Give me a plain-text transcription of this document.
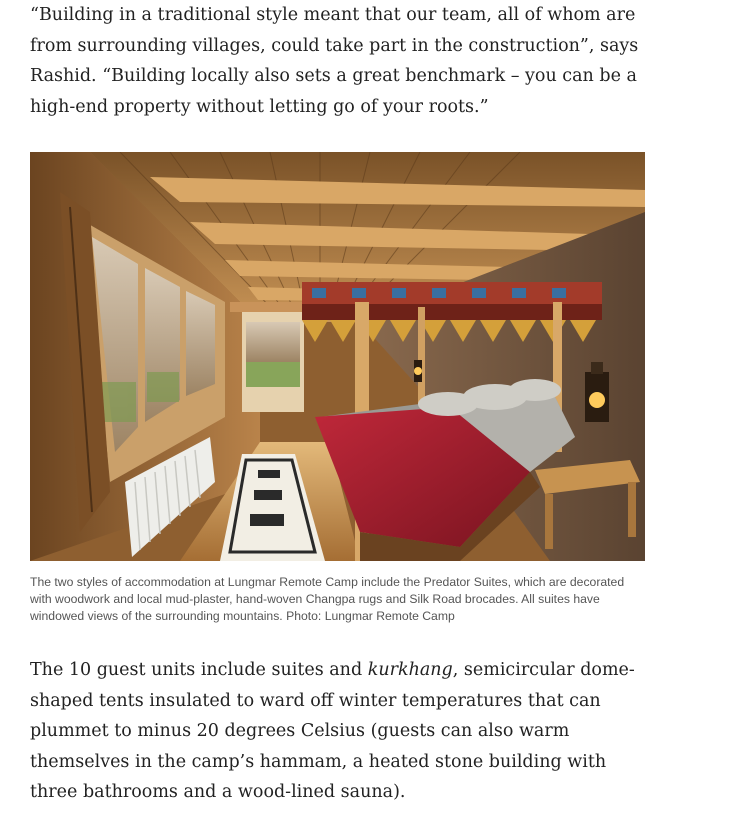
“Building in a traditional style meant that our team, all of whom are from surrounding villages, could take part in the construction”, says Rashid. “Building locally also sets a great benchmark – you can be a high-end property without letting go of your roots.”

The two styles of accommodation at Lungmar Remote Camp include the Predator Suites, which are decorated with woodwork and local mud-plaster, hand-woven Changpa rugs and Silk Road brocades. All suites have windowed views of the surrounding mountains. Photo: Lungmar Remote Camp

The 10 guest units include suites and kurkhang, semicircular dome-shaped tents insulated to ward off winter temperatures that can plummet to minus 20 degrees Celsius (guests can also warm themselves in the camp’s hammam, a heated stone building with three bathrooms and a wood-lined sauna).
